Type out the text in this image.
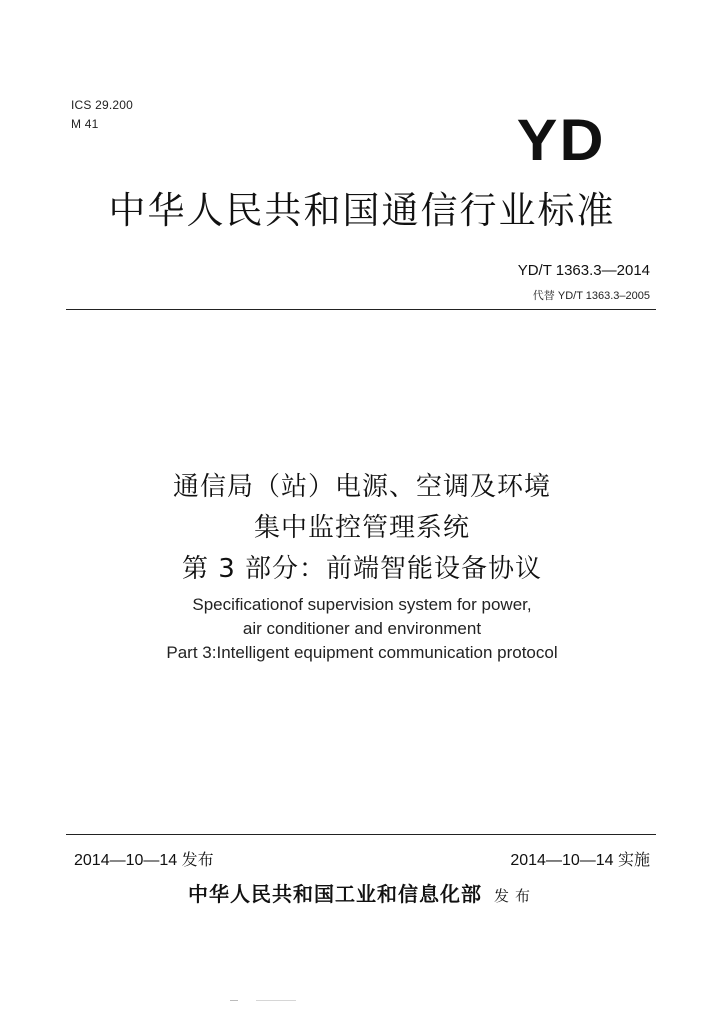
ICS 29.200
M 41	YD
中华人民共和国通信行业标准
YD/T 1363.3—2014
代替 YD/T 1363.3–2005
通信局（站）电源、空调及环境
集中监控管理系统
第 3 部分：前端智能设备协议
Specificationof supervision system for power,
air conditioner and environment
Part 3:Intelligent equipment communication protocol
2014—10—14 发布	2014—10—14 实施
中华人民共和国工业和信息化部 发布
